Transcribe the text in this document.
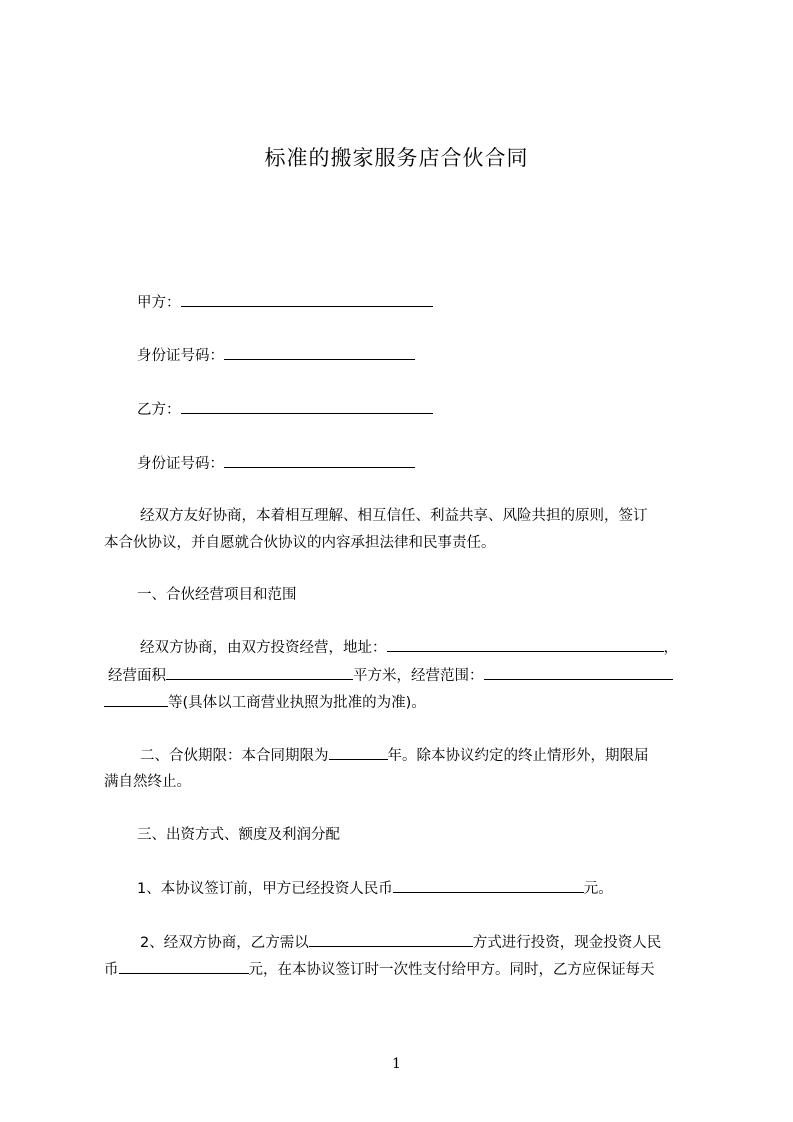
标准的搬家服务店合伙合同
甲方：
身份证号码：
乙方：
身份证号码：
经双方友好协商，本着相互理解、相互信任、利益共享、风险共担的原则，签订
本合伙协议，并自愿就合伙协议的内容承担法律和民事责任。
一、合伙经营项目和范围
经双方协商，由双方投资经营，地址：	，
经营面积	平方米，经营范围：
等(具体以工商营业执照为批准的为准)。
二、合伙期限：本合同期限为	年。除本协议约定的终止情形外，期限届
满自然终止。
三、出资方式、额度及利润分配
1、本协议签订前，甲方已经投资人民币	元。
2、经双方协商，乙方需以	方式进行投资，现金投资人民
币	元，在本协议签订时一次性支付给甲方。同时，乙方应保证每天
1
